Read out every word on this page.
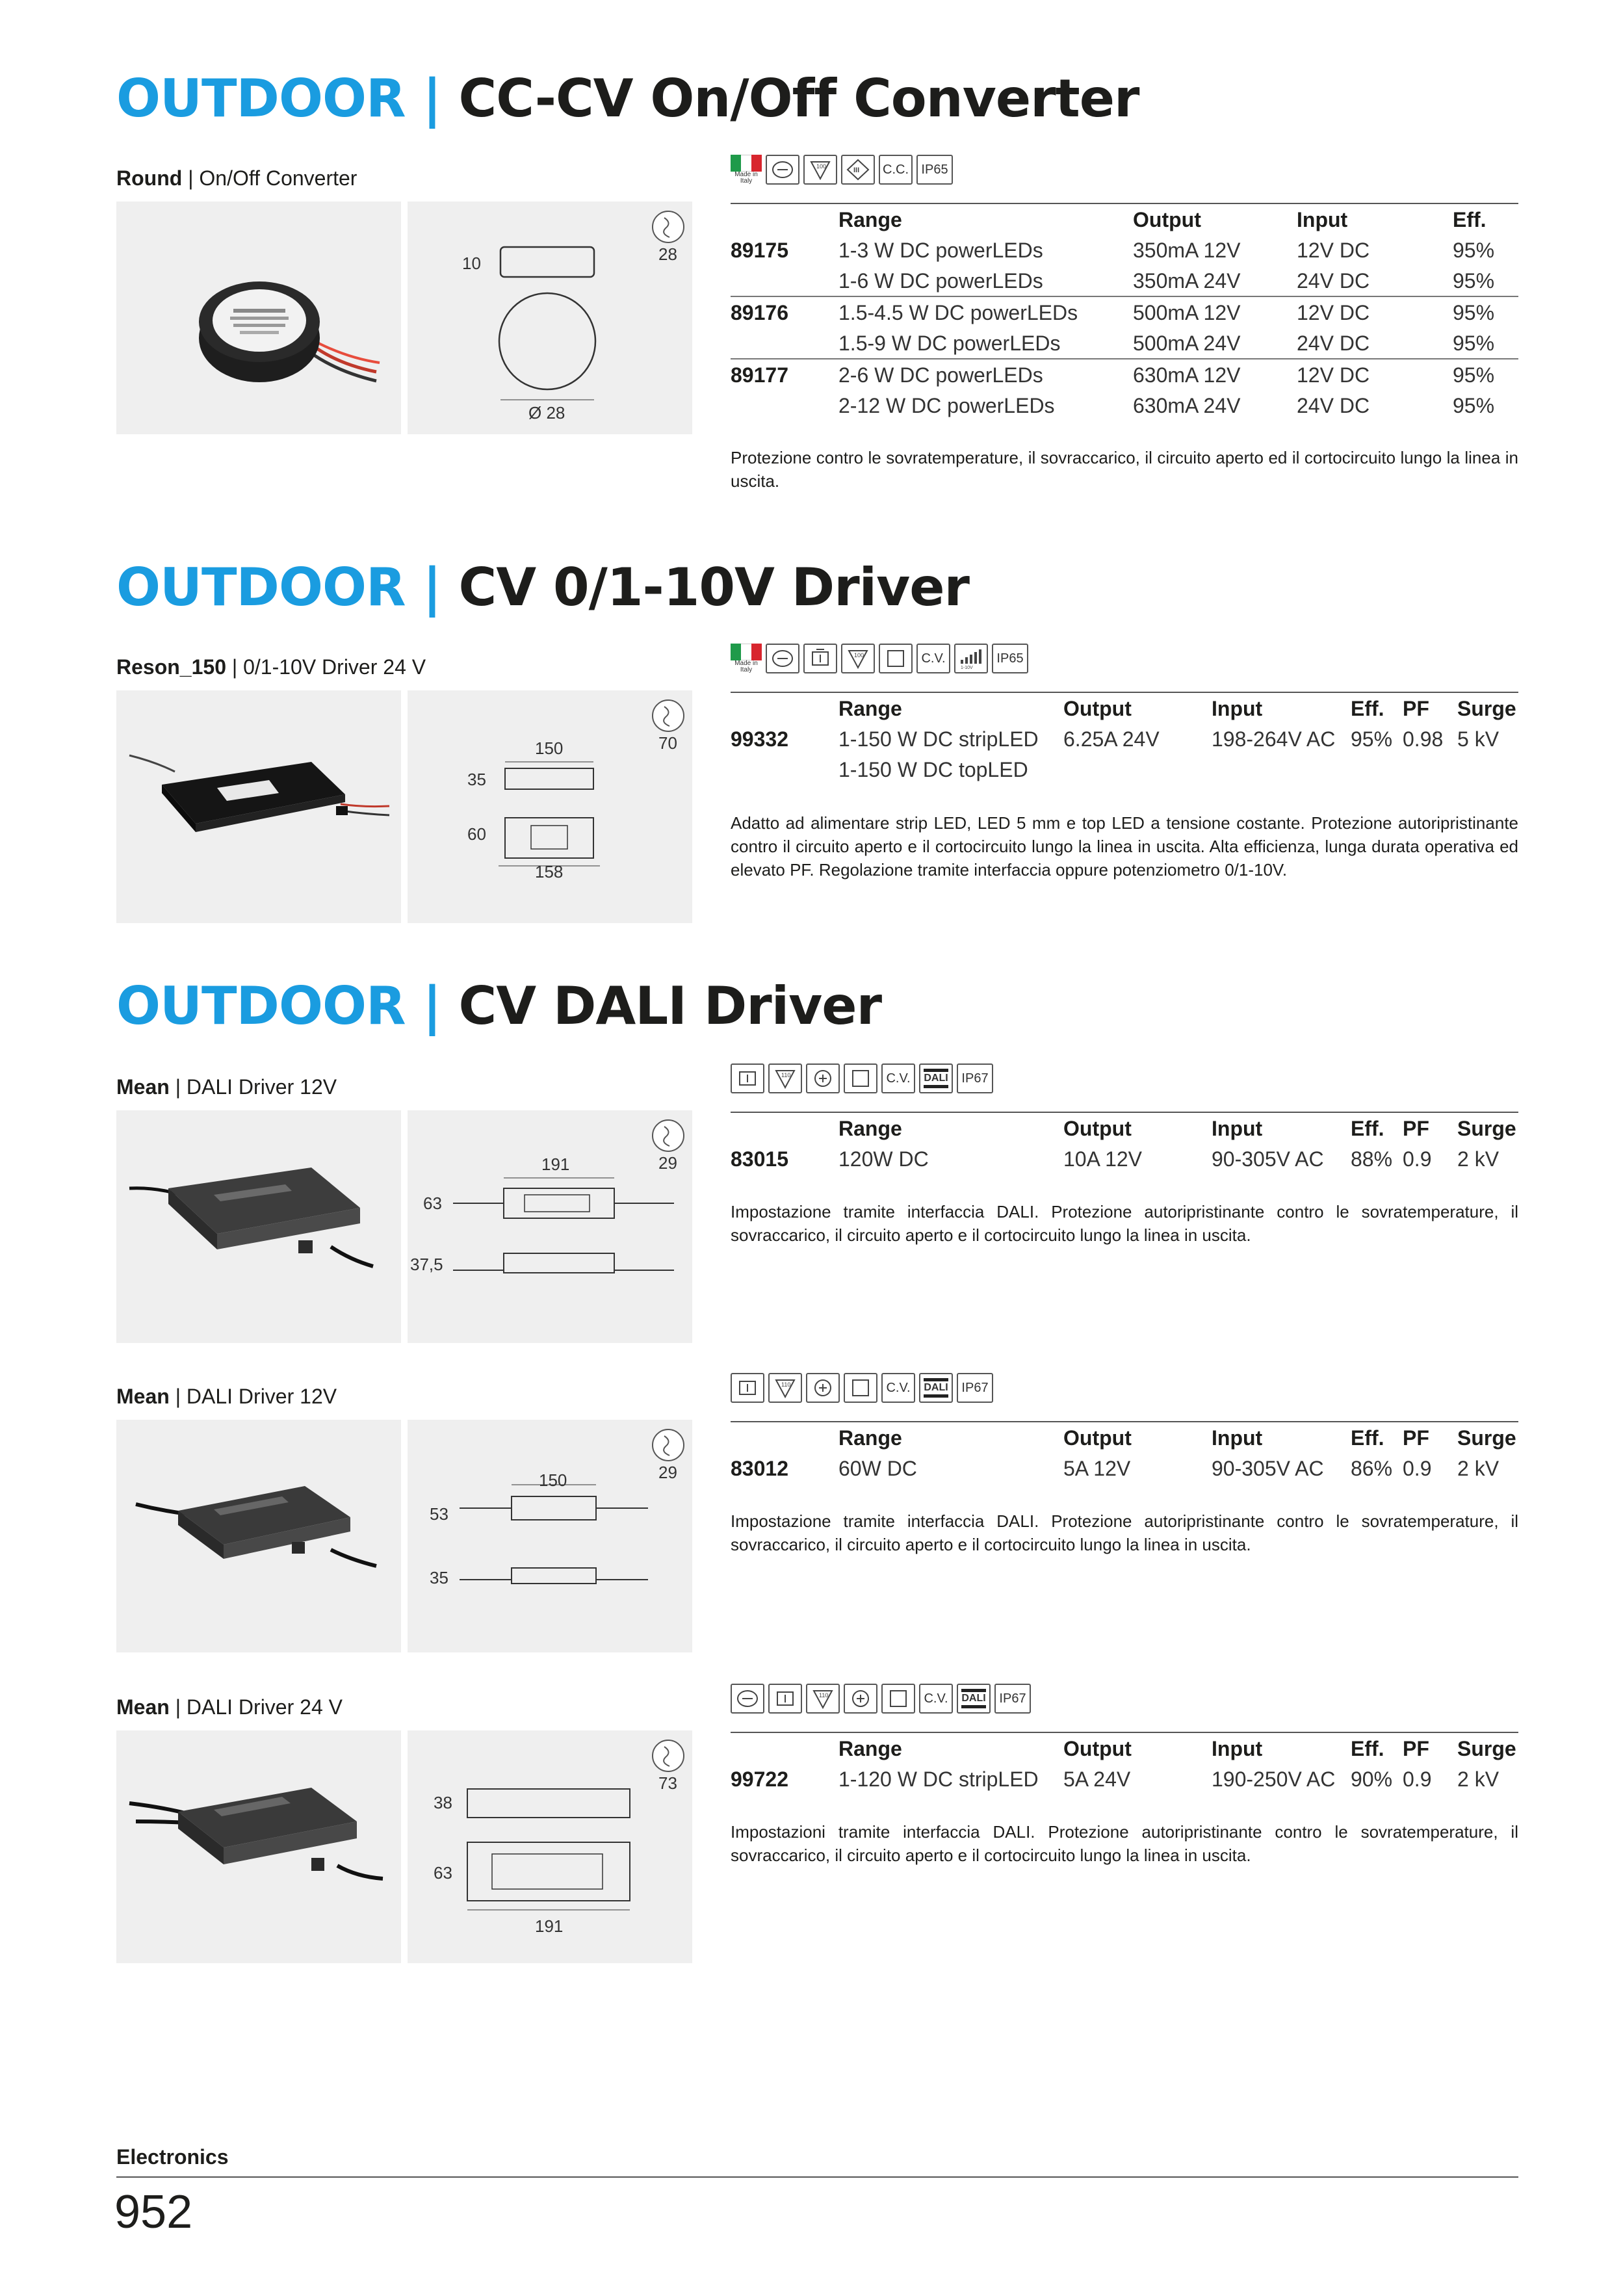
OUTDOOR | CC-CV On/Off Converter
Round | On/Off Converter	Made in Italy
100	III C.C. IP65
10
Ø 28
28
	Range	Output	Input	Eff.
89175	1-3 W DC powerLEDs	350mA 12V	12V DC	95%
	1-6 W DC powerLEDs	350mA 24V	24V DC	95%
89176	1.5-4.5 W DC powerLEDs	500mA 12V	12V DC	95%
	1.5-9 W DC powerLEDs	500mA 24V	24V DC	95%
89177	2-6 W DC powerLEDs	630mA 12V	12V DC	95%
	2-12 W DC powerLEDs	630mA 24V	24V DC	95%
Protezione contro le sovratemperature, il sovraccarico, il circuito aperto ed il cortocircuito lungo la linea in uscita.
OUTDOOR | CV 0/1-10V Driver
Reson_150 | 0/1-10V Driver 24 V	Made in Italy
100	C.V.
1-10V
IP65
150
35
60
158
70
	Range	Output	Input	Eff.	PF	Surge
99332	1-150 W DC stripLED	6.25A 24V	198-264V AC	95%	0.98	5 kV
	1-150 W DC topLED					
Adatto ad alimentare strip LED, LED 5 mm e top LED a tensione costante. Protezione autoripristinante contro il circuito aperto e il cortocircuito lungo la linea in uscita. Alta efficienza, lunga durata operativa ed elevato PF. Regolazione tramite interfaccia oppure potenziometro 0/1-10V.
OUTDOOR | CV DALI Driver
Mean | DALI Driver 12V	110	C.V. DALI IP67
191
63
37,5
29
	Range	Output	Input	Eff.	PF	Surge
83015	120W DC	10A 12V	90-305V AC	88%	0.9	2 kV
Impostazione tramite interfaccia DALI. Protezione autoripristinante contro le sovratemperature, il sovraccarico, il circuito aperto e il cortocircuito lungo la linea in uscita.
Mean | DALI Driver 12V	110	C.V. DALI IP67
150
53
35
29
	Range	Output	Input	Eff.	PF	Surge
83012	60W DC	5A 12V	90-305V AC	86%	0.9	2 kV
Impostazione tramite interfaccia DALI. Protezione autoripristinante contro le sovratemperature, il sovraccarico, il circuito aperto e il cortocircuito lungo la linea in uscita.
Mean | DALI Driver 24 V	110	C.V. DALI IP67
38
63
191
73
	Range	Output	Input	Eff.	PF	Surge
99722	1-120 W DC stripLED	5A 24V	190-250V AC	90%	0.9	2 kV
Impostazioni tramite interfaccia DALI. Protezione autoripristinante contro le sovratemperature, il sovraccarico, il circuito aperto e il cortocircuito lungo la linea in uscita.
Electronics
952
